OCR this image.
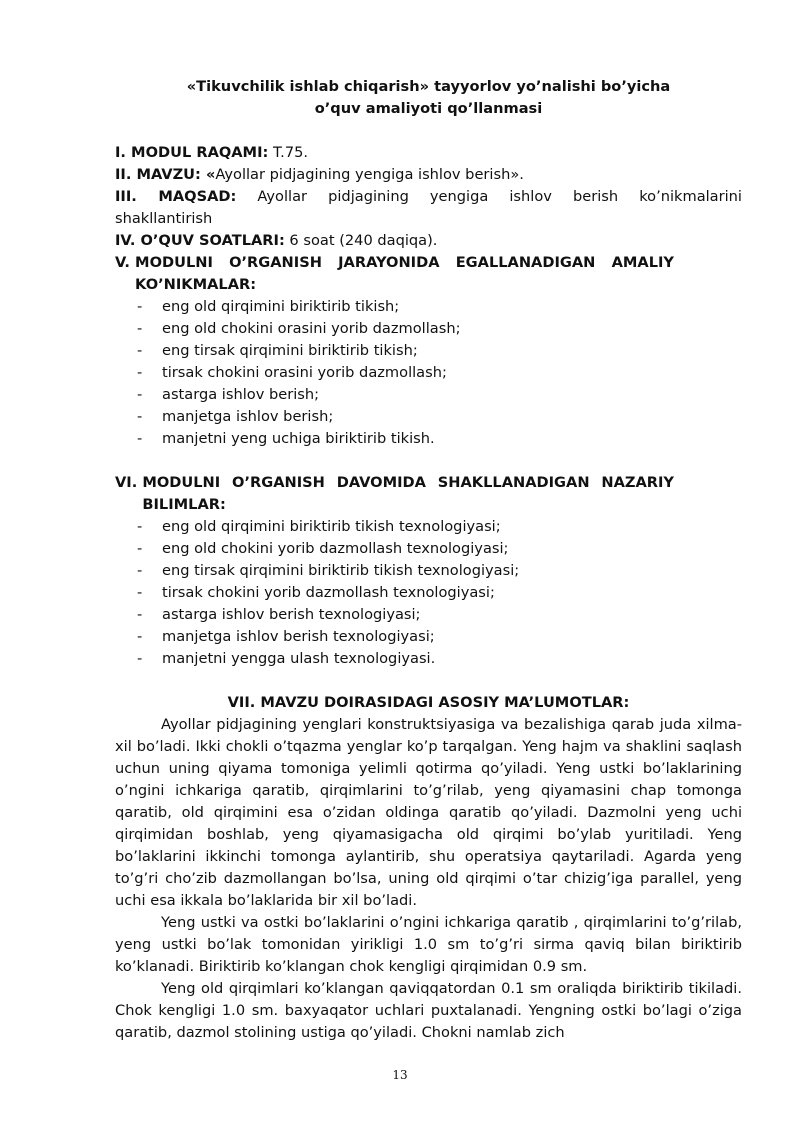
«Tikuvchilik ishlab chiqarish» tayyorlov yo’nalishi bo’yicha

o’quv amaliyoti qo’llanmasi

I. MODUL RAQAMI: T.75.

II. MAVZU: «Ayollar pidjagining yengiga ishlov berish».

III. MAQSAD: Ayollar pidjagining yengiga ishlov berish ko’nikmalarini

shakllantirish

IV. O’QUV SOATLARI: 6 soat (240 daqiqa).

V. MODULNI O’RGANISH JARAYONIDA EGALLANADIGAN AMALIY
KO’NIKMALAR:
- eng old qirqimini biriktirib tikish;
- eng old chokini orasini yorib dazmollash;
- eng tirsak qirqimini biriktirib tikish;
- tirsak chokini orasini yorib dazmollash;
- astarga ishlov berish;
- manjetga ishlov berish;
- manjetni yeng uchiga biriktirib tikish.
VI. MODULNI O’RGANISH DAVOMIDA SHAKLLANADIGAN NAZARIY
BILIMLAR:
- eng old qirqimini biriktirib tikish texnologiyasi;
- eng old chokini yorib dazmollash texnologiyasi;
- eng tirsak qirqimini biriktirib tikish texnologiyasi;
- tirsak chokini yorib dazmollash texnologiyasi;
- astarga ishlov berish texnologiyasi;
- manjetga ishlov berish texnologiyasi;
- manjetni yengga ulash texnologiyasi.

VII. MAVZU DOIRASIDAGI ASOSIY MA’LUMOTLAR:

Ayollar pidjagining yenglari konstruktsiyasiga va bezalishiga qarab juda xilma-xil bo’ladi. Ikki chokli o’tqazma yenglar ko’p tarqalgan. Yeng hajm va shaklini saqlash uchun uning qiyama tomoniga yelimli qotirma qo’yiladi. Yeng ustki bo’laklarining o’ngini ichkariga qaratib, qirqimlarini to’g’rilab, yeng qiyamasini chap tomonga qaratib, old qirqimini esa o’zidan oldinga qaratib qo’yiladi. Dazmolni yeng uchi qirqimidan boshlab, yeng qiyamasigacha old qirqimi bo’ylab yuritiladi. Yeng bo’laklarini ikkinchi tomonga aylantirib, shu operatsiya qaytariladi. Agarda yeng to’g’ri cho’zib dazmollangan bo’lsa, uning old qirqimi o’tar chizig’iga parallel, yeng uchi esa ikkala bo’laklarida bir xil bo’ladi.

Yeng ustki va ostki bo’laklarini o’ngini ichkariga qaratib , qirqimlarini to’g’rilab, yeng ustki bo’lak tomonidan yirikligi 1.0 sm to’g’ri sirma qaviq bilan biriktirib ko’klanadi. Biriktirib ko’klangan chok kengligi qirqimidan 0.9 sm.

Yeng old qirqimlari ko’klangan qaviqqatordan 0.1 sm oraliqda biriktirib tikiladi. Chok kengligi 1.0 sm. baxyaqator uchlari puxtalanadi. Yengning ostki bo’lagi o’ziga qaratib, dazmol stolining ustiga qo’yiladi. Chokni namlab zich

13
